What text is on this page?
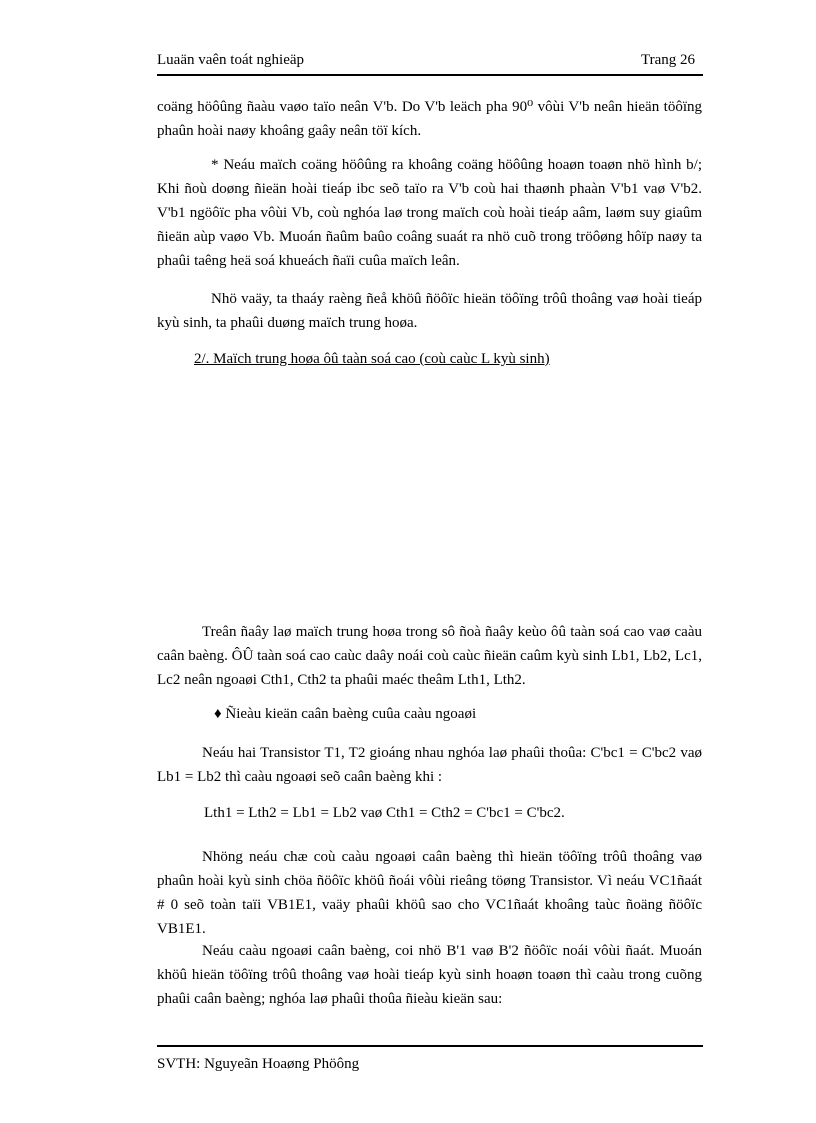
Luaän vaên toát nghieäp	Trang 26
coäng höôûng ñaàu vaøo taïo neân V'b. Do V'b leäch pha 90⁰ vôùi V'b neân hieän töôïng phaûn hoài naøy khoâng gaây neân töï kích.
* Neáu maïch coäng höôûng ra khoâng coäng höôûng hoaøn toaøn nhö hình b/; Khi ñoù doøng ñieän hoài tieáp ibc seõ taïo ra V'b coù hai thaønh phaàn V'b1 vaø V'b2. V'b1 ngöôïc pha vôùi Vb, coù nghóa laø trong maïch coù hoài tieáp aâm, laøm suy giaûm ñieän aùp vaøo Vb. Muoán ñaûm baûo coâng suaát ra nhö cuõ trong tröôøng hôïp naøy ta phaûi taêng heä soá khueách ñaïi cuûa maïch leân.
Nhö vaäy, ta thaáy raèng ñeå khöû ñöôïc hieän töôïng trôû thoâng vaø hoài tieáp kyù sinh, ta phaûi duøng maïch trung hoøa.
2/. Maïch trung hoøa ôû taàn soá cao (coù caùc L kyù sinh)
Treân ñaây laø maïch trung hoøa trong sô ñoà ñaây keùo ôû taàn soá cao vaø caàu caân baèng. ÔÛ taàn soá cao caùc daây noái coù caùc ñieän caûm kyù sinh Lb1, Lb2, Lc1, Lc2 neân ngoaøi Cth1, Cth2 ta phaûi maéc theâm Lth1, Lth2.
♦ Ñieàu kieän caân baèng cuûa caàu ngoaøi
Neáu hai Transistor T1, T2 gioáng nhau nghóa laø phaûi thoûa: C'bc1 = C'bc2 vaø Lb1 = Lb2 thì caàu ngoaøi seõ caân baèng khi :
Lth1 = Lth2 = Lb1 = Lb2 vaø Cth1 = Cth2 = C'bc1 = C'bc2.
Nhöng neáu chæ coù caàu ngoaøi caân baèng thì hieän töôïng trôû thoâng vaø phaûn hoài kyù sinh chöa ñöôïc khöû ñoái vôùi rieâng töøng Transistor. Vì neáu VC1ñaát # 0 seõ toàn taïi VB1E1, vaäy phaûi khöû sao cho VC1ñaát khoâng taùc ñoäng ñöôïc VB1E1.
Neáu caàu ngoaøi caân baèng, coi nhö B'1 vaø B'2 ñöôïc noái vôùi ñaát. Muoán khöû hieän töôïng trôû thoâng vaø hoài tieáp kyù sinh hoaøn toaøn thì caàu trong cuõng phaûi caân baèng; nghóa laø phaûi thoûa ñieàu kieän sau:
SVTH: Nguyeãn Hoaøng Phöông
